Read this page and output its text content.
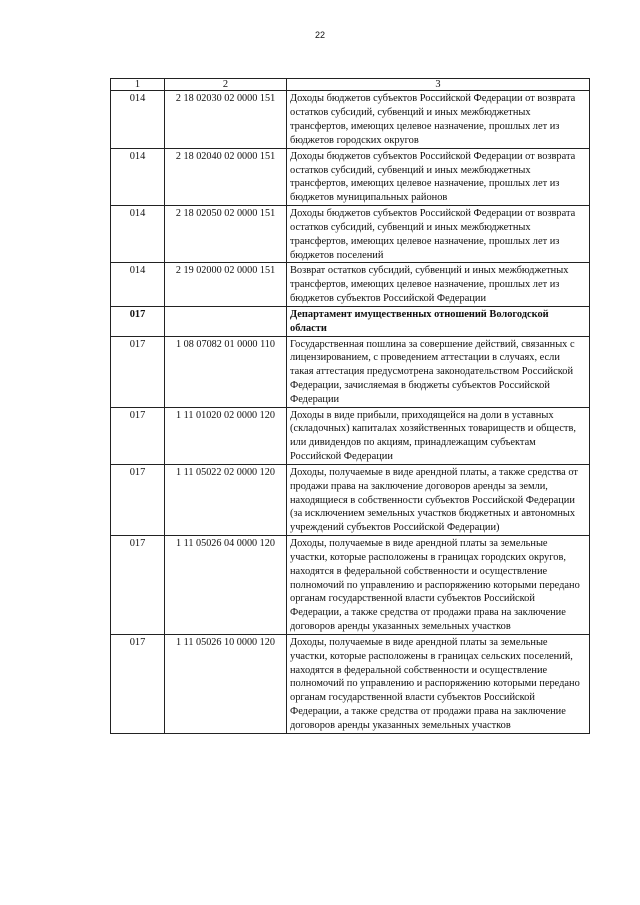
22
1	2	3
014	2 18 02030 02 0000 151	Доходы бюджетов субъектов Российской Федерации от возврата остатков субсидий, субвенций и иных межбюджетных трансфертов, имеющих целевое назначение, прошлых лет из бюджетов городских округов
014	2 18 02040 02 0000 151	Доходы бюджетов субъектов Российской Федерации от возврата остатков субсидий, субвенций и иных межбюджетных трансфертов, имеющих целевое назначение, прошлых лет из бюджетов муниципальных районов
014	2 18 02050 02 0000 151	Доходы бюджетов субъектов Российской Федерации от возврата остатков субсидий, субвенций и иных межбюджетных трансфертов, имеющих целевое назначение, прошлых лет из бюджетов поселений
014	2 19 02000 02 0000 151	Возврат остатков субсидий, субвенций и иных межбюджетных трансфертов, имеющих целевое назначение, прошлых лет из бюджетов субъектов Российской Федерации
017		Департамент имущественных отношений Вологодской области
017	1 08 07082 01 0000 110	Государственная пошлина за совершение действий, связанных с лицензированием, с проведением аттестации в случаях, если такая аттестация предусмотрена законодательством Российской Федерации, зачисляемая в бюджеты субъектов Российской Федерации
017	1 11 01020 02 0000 120	Доходы в виде прибыли, приходящейся на доли в уставных (складочных) капиталах хозяйственных товариществ и обществ, или дивидендов по акциям, принадлежащим субъектам Российской Федерации
017	1 11 05022 02 0000 120	Доходы, получаемые в виде арендной платы, а также средства от продажи права на заключение договоров аренды за земли, находящиеся в собственности субъектов Российской Федерации (за исключением земельных участков бюджетных и автономных учреждений субъектов Российской Федерации)
017	1 11 05026 04 0000 120	Доходы, получаемые в виде арендной платы за земельные участки, которые расположены в границах городских округов, находятся в федеральной собственности и осуществление полномочий по управлению и распоряжению которыми передано органам государственной власти субъектов Российской Федерации, а также средства от продажи права на заключение договоров аренды указанных земельных участков
017	1 11 05026 10 0000 120	Доходы, получаемые в виде арендной платы за земельные участки, которые расположены в границах сельских поселений, находятся в федеральной собственности и осуществление полномочий по управлению и распоряжению которыми передано органам государственной власти субъектов Российской Федерации, а также средства от продажи права на заключение договоров аренды указанных земельных участков
